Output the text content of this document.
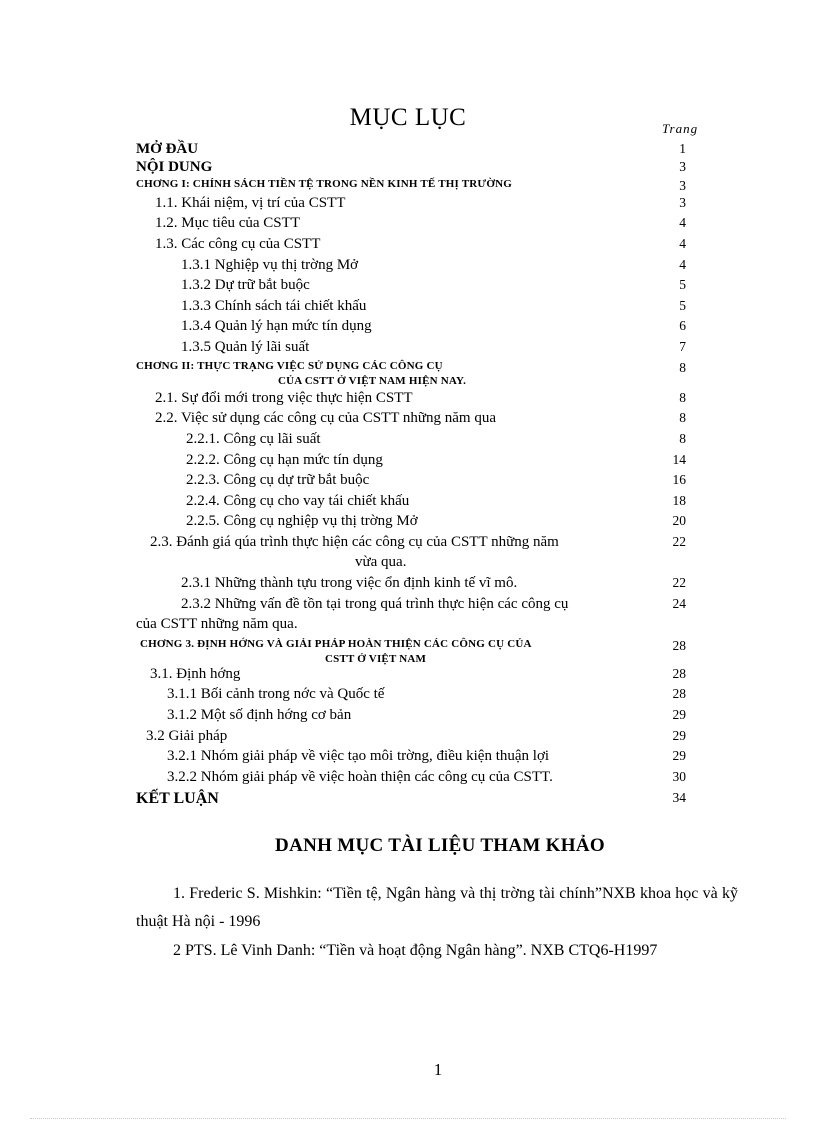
MỤC LỤC	Trang
MỞ ĐẦU	1
NỘI DUNG	3
CHƠNG I: CHÍNH SÁCH TIỀN TỆ TRONG NỀN KINH TẾ THỊ TRƯỜNG	3
1.1. Khái niệm, vị trí của CSTT	3
1.2. Mục tiêu của CSTT	4
1.3. Các công cụ của CSTT	4
1.3.1 Nghiệp vụ thị trờng Mở	4
1.3.2 Dự trữ bắt buộc	5
1.3.3 Chính sách tái chiết khấu	5
1.3.4 Quản lý hạn mức tín dụng	6
1.3.5 Quản lý lãi suất	7
CHƠNG II: THỰC TRẠNG VIỆC SỬ DỤNG CÁC CÔNG CỤ	8
CỦA CSTT Ở VIỆT NAM HIỆN NAY.
2.1. Sự đổi mới trong việc thực hiện CSTT	8
2.2. Việc sử dụng các công cụ của CSTT những năm qua	8
2.2.1. Công cụ lãi suất	8
2.2.2. Công cụ hạn mức tín dụng	14
2.2.3. Công cụ dự trữ bắt buộc	16
2.2.4. Công cụ cho vay tái chiết khấu	18
2.2.5. Công cụ nghiệp vụ thị trờng Mở	20
2.3. Đánh giá qúa trình thực hiện các công cụ của CSTT những năm	22
vừa qua.
2.3.1 Những thành tựu trong việc ổn định kinh tế vĩ mô.	22
2.3.2 Những vấn đề tồn tại trong quá trình thực hiện các công cụ	24
của CSTT những năm qua.
CHƠNG 3. ĐỊNH HỚNG VÀ GIẢI PHÁP HOÀN THIỆN CÁC CÔNG CỤ CỦA	28
CSTT Ở VIỆT NAM
3.1. Định hớng	28
3.1.1 Bối cảnh trong nớc và Quốc tế	28
3.1.2 Một số định hớng cơ bản	29
3.2 Giải pháp	29
3.2.1 Nhóm giải pháp về việc tạo môi trờng, điều kiện thuận lợi	29
3.2.2 Nhóm giải pháp về việc hoàn thiện các công cụ của CSTT.	30
KẾT LUẬN	34
DANH MỤC TÀI LIỆU THAM KHẢO
1. Frederic S. Mishkin: “Tiền tệ, Ngân hàng và thị trờng tài chính”NXB khoa học và kỹ thuật Hà nội - 1996
2 PTS. Lê Vinh Danh: “Tiền và hoạt động Ngân hàng”. NXB CTQ6-H1997
1
